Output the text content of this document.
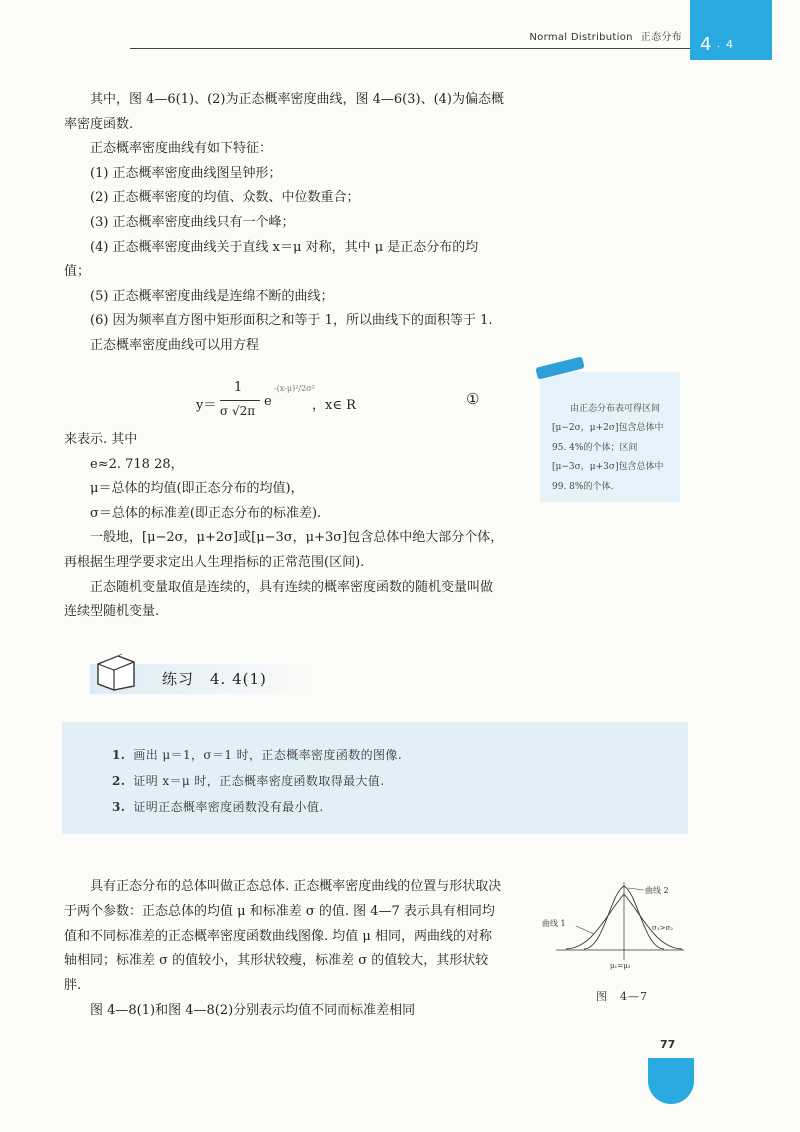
Normal Distribution 正态分布 4 . 4

其中，图 4—6(1)、(2)为正态概率密度曲线，图 4—6(3)、(4)为偏态概率密度函数.

正态概率密度曲线有如下特征：

(1) 正态概率密度曲线图呈钟形；

(2) 正态概率密度的均值、众数、中位数重合；

(3) 正态概率密度曲线只有一个峰；

(4) 正态概率密度曲线关于直线 x＝μ 对称，其中 μ 是正态分布的均值；

(5) 正态概率密度曲线是连绵不断的曲线；

(6) 因为频率直方图中矩形面积之和等于 1，所以曲线下的面积等于 1.

正态概率密度曲线可以用方程

y＝
1
σ √2π
e
-(x-μ)²/2σ²
，x∈ R	①
由正态分布表可得区间[μ−2σ，μ+2σ]包含总体中 95. 4%的个体；区间[μ−3σ，μ+3σ]包含总体中 99. 8%的个体.

来表示. 其中

e≈2. 718 28，

μ＝总体的均值(即正态分布的均值)，

σ＝总体的标准差(即正态分布的标准差).

一般地，[μ−2σ，μ+2σ]或[μ−3σ，μ+3σ]包含总体中绝大部分个体，再根据生理学要求定出人生理指标的正常范围(区间).

正态随机变量取值是连续的，具有连续的概率密度函数的随机变量叫做连续型随机变量.

练习　4. 4(1)
1. 画出 μ＝1，σ＝1 时，正态概率密度函数的图像.
2. 证明 x＝μ 时，正态概率密度函数取得最大值.
3. 证明正态概率密度函数没有最小值.

具有正态分布的总体叫做正态总体. 正态概率密度曲线的位置与形状取决于两个参数：正态总体的均值 μ 和标准差 σ 的值. 图 4—7 表示具有相同均值和不同标准差的正态概率密度函数曲线图像. 均值 μ 相同，两曲线的对称轴相同；标准差 σ 的值较小，其形状较瘦，标准差 σ 的值较大，其形状较胖.

图 4—8(1)和图 4—8(2)分别表示均值不同而标准差相同

曲线 2
曲线 1	σ₁>σ₂
μ₁=μ₂
图　4—7
77
